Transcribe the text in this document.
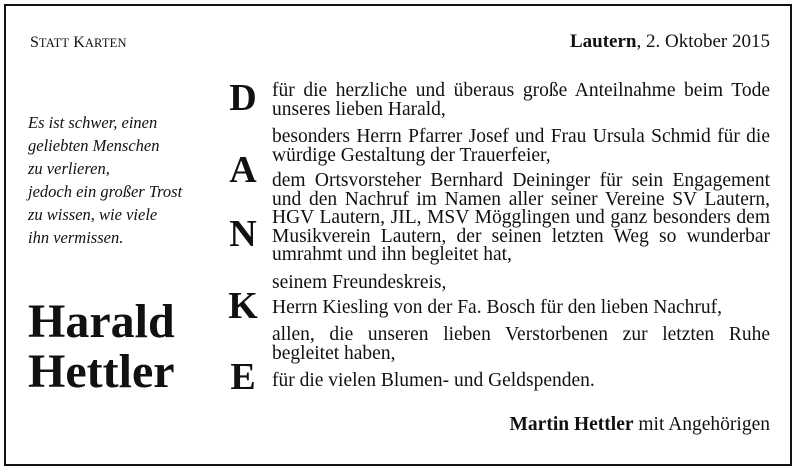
STATT KARTEN	Lautern, 2. Oktober 2015
Es ist schwer, einen
geliebten Menschen
zu verlieren,
jedoch ein großer Trost
zu wissen, wie viele
ihn vermissen.
Harald
Hettler
D
A
N
K
E
für die herzliche und überaus große Anteilnahme beim Tode unseres lieben Harald,
besonders Herrn Pfarrer Josef und Frau Ursula Schmid für die würdige Gestaltung der Trauerfeier,
dem Ortsvorsteher Bernhard Deininger für sein Engagement und den Nachruf im Namen aller seiner Vereine SV Lautern, HGV Lautern, JIL, MSV Mögglingen und ganz besonders dem Musikverein Lautern, der seinen letzten Weg so wunderbar umrahmt und ihn begleitet hat,
seinem Freundeskreis,
Herrn Kiesling von der Fa. Bosch für den lieben Nachruf,
allen, die unseren lieben Verstorbenen zur letzten Ruhe begleitet haben,
für die vielen Blumen- und Geldspenden.
Martin Hettler mit Angehörigen
